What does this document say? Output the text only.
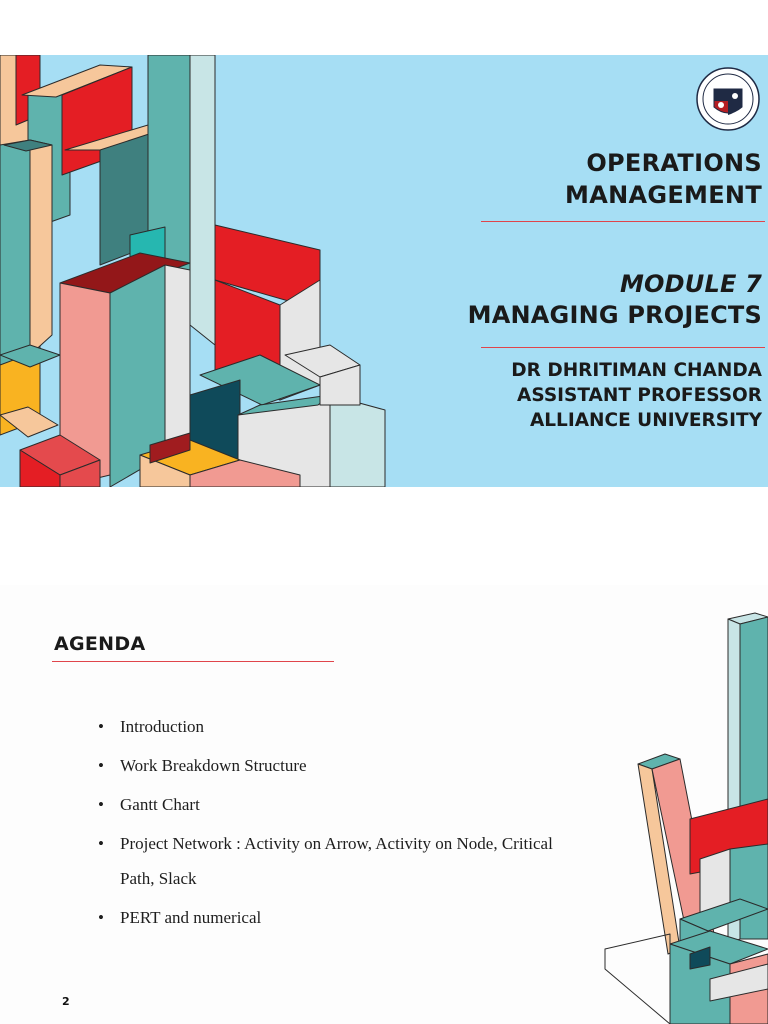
OPERATIONS
MANAGEMENT
MODULE 7
MANAGING PROJECTS
DR DHRITIMAN CHANDA
ASSISTANT PROFESSOR
ALLIANCE UNIVERSITY
AGENDA
• Introduction
• Work Breakdown Structure
• Gantt Chart
• Project Network : Activity on Arrow, Activity on Node, Critical Path, Slack
• PERT and numerical
2
